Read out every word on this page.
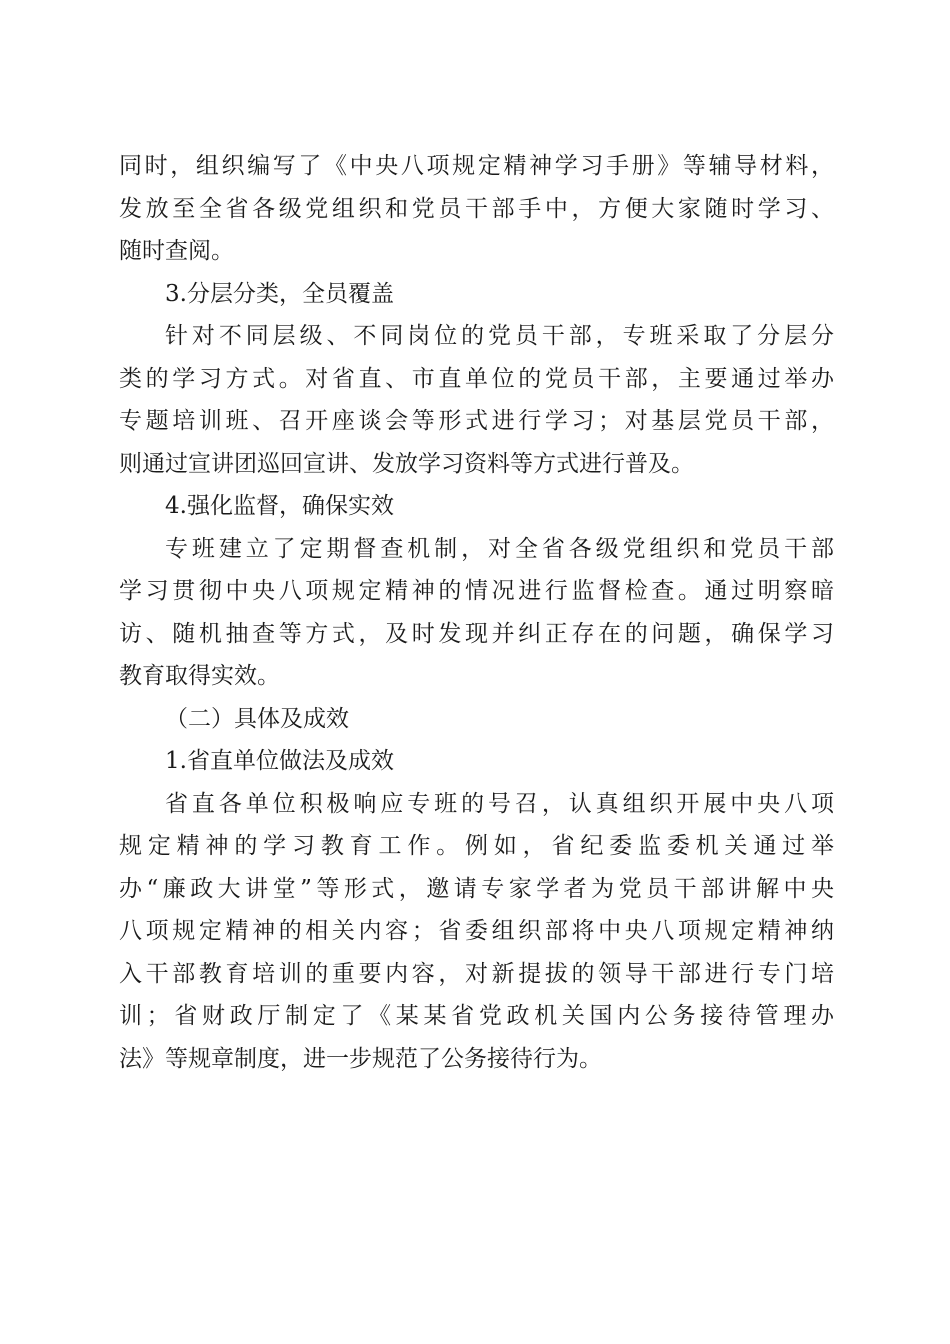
同时，组织编写了《中央八项规定精神学习手册》等辅导材料，
发放至全省各级党组织和党员干部手中，方便大家随时学习、
随时查阅。
3.分层分类，全员覆盖
针对不同层级、不同岗位的党员干部，专班采取了分层分
类的学习方式。对省直、市直单位的党员干部，主要通过举办
专题培训班、召开座谈会等形式进行学习；对基层党员干部，
则通过宣讲团巡回宣讲、发放学习资料等方式进行普及。
4.强化监督，确保实效
专班建立了定期督查机制，对全省各级党组织和党员干部
学习贯彻中央八项规定精神的情况进行监督检查。通过明察暗
访、随机抽查等方式，及时发现并纠正存在的问题，确保学习
教育取得实效。
（二）具体及成效
1.省直单位做法及成效
省直各单位积极响应专班的号召，认真组织开展中央八项
规定精神的学习教育工作。例如，省纪委监委机关通过举
办“廉政大讲堂”等形式，邀请专家学者为党员干部讲解中央
八项规定精神的相关内容；省委组织部将中央八项规定精神纳
入干部教育培训的重要内容，对新提拔的领导干部进行专门培
训；省财政厅制定了《某某省党政机关国内公务接待管理办
法》等规章制度，进一步规范了公务接待行为。
